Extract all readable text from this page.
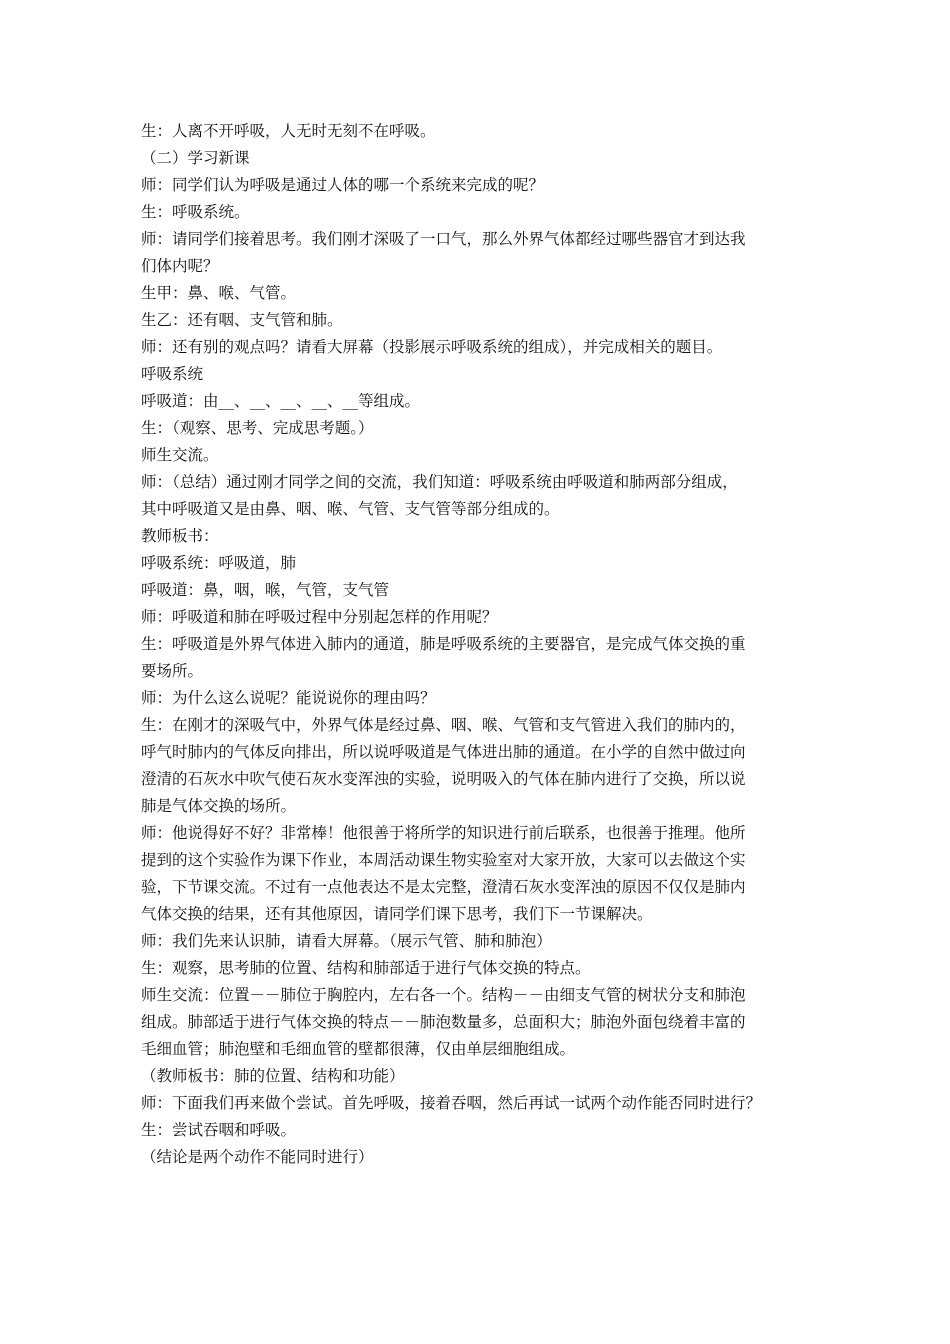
生：人离不开呼吸，人无时无刻不在呼吸。
（二）学习新课
师：同学们认为呼吸是通过人体的哪一个系统来完成的呢？
生：呼吸系统。
师：请同学们接着思考。我们刚才深吸了一口气，那么外界气体都经过哪些器官才到达我
们体内呢？
生甲：鼻、喉、气管。
生乙：还有咽、支气管和肺。
师：还有别的观点吗？请看大屏幕（投影展示呼吸系统的组成），并完成相关的题目。
呼吸系统
呼吸道：由__、__、__、__、__等组成。
生：（观察、思考、完成思考题。）
师生交流。
师：（总结）通过刚才同学之间的交流，我们知道：呼吸系统由呼吸道和肺两部分组成，
其中呼吸道又是由鼻、咽、喉、气管、支气管等部分组成的。
教师板书：
呼吸系统：呼吸道，肺
呼吸道：鼻，咽，喉，气管，支气管
师：呼吸道和肺在呼吸过程中分别起怎样的作用呢？
生：呼吸道是外界气体进入肺内的通道，肺是呼吸系统的主要器官，是完成气体交换的重
要场所。
师：为什么这么说呢？能说说你的理由吗？
生：在刚才的深吸气中，外界气体是经过鼻、咽、喉、气管和支气管进入我们的肺内的，
呼气时肺内的气体反向排出，所以说呼吸道是气体进出肺的通道。在小学的自然中做过向
澄清的石灰水中吹气使石灰水变浑浊的实验，说明吸入的气体在肺内进行了交换，所以说
肺是气体交换的场所。
师：他说得好不好？非常棒！他很善于将所学的知识进行前后联系，也很善于推理。他所
提到的这个实验作为课下作业，本周活动课生物实验室对大家开放，大家可以去做这个实
验，下节课交流。不过有一点他表达不是太完整，澄清石灰水变浑浊的原因不仅仅是肺内
气体交换的结果，还有其他原因，请同学们课下思考，我们下一节课解决。
师：我们先来认识肺，请看大屏幕。（展示气管、肺和肺泡）
生：观察，思考肺的位置、结构和肺部适于进行气体交换的特点。
师生交流：位置－－肺位于胸腔内，左右各一个。结构－－由细支气管的树状分支和肺泡
组成。肺部适于进行气体交换的特点－－肺泡数量多，总面积大；肺泡外面包绕着丰富的
毛细血管；肺泡壁和毛细血管的壁都很薄，仅由单层细胞组成。
（教师板书：肺的位置、结构和功能）
师：下面我们再来做个尝试。首先呼吸，接着吞咽，然后再试一试两个动作能否同时进行？
生：尝试吞咽和呼吸。
（结论是两个动作不能同时进行）
